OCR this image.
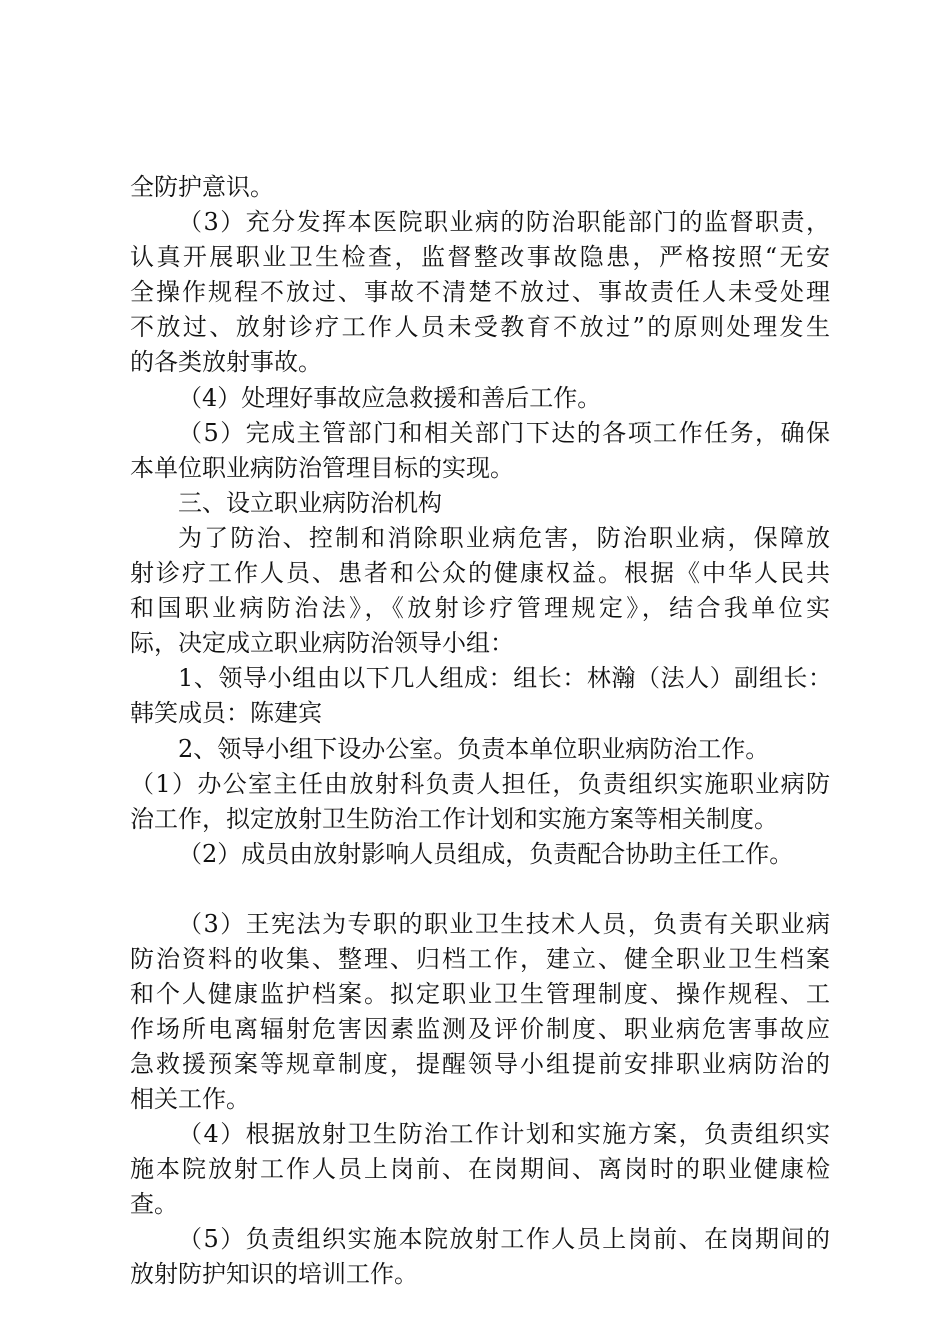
全防护意识。
（3）充分发挥本医院职业病的防治职能部门的监督职责，
认真开展职业卫生检查，监督整改事故隐患，严格按照“无安
全操作规程不放过、事故不清楚不放过、事故责任人未受处理
不放过、放射诊疗工作人员未受教育不放过”的原则处理发生
的各类放射事故。
（4）处理好事故应急救援和善后工作。
（5）完成主管部门和相关部门下达的各项工作任务，确保
本单位职业病防治管理目标的实现。
三、设立职业病防治机构
为了防治、控制和消除职业病危害，防治职业病，保障放
射诊疗工作人员、患者和公众的健康权益。根据《中华人民共
和国职业病防治法》，《放射诊疗管理规定》，结合我单位实
际，决定成立职业病防治领导小组：
1、领导小组由以下几人组成：组长：林瀚（法人）副组长：
韩笑成员：陈建宾
2、领导小组下设办公室。负责本单位职业病防治工作。
（1）办公室主任由放射科负责人担任，负责组织实施职业病防
治工作，拟定放射卫生防治工作计划和实施方案等相关制度。
（2）成员由放射影响人员组成，负责配合协助主任工作。
（3）王宪法为专职的职业卫生技术人员，负责有关职业病
防治资料的收集、整理、归档工作，建立、健全职业卫生档案
和个人健康监护档案。拟定职业卫生管理制度、操作规程、工
作场所电离辐射危害因素监测及评价制度、职业病危害事故应
急救援预案等规章制度，提醒领导小组提前安排职业病防治的
相关工作。
（4）根据放射卫生防治工作计划和实施方案，负责组织实
施本院放射工作人员上岗前、在岗期间、离岗时的职业健康检
查。
（5）负责组织实施本院放射工作人员上岗前、在岗期间的
放射防护知识的培训工作。
